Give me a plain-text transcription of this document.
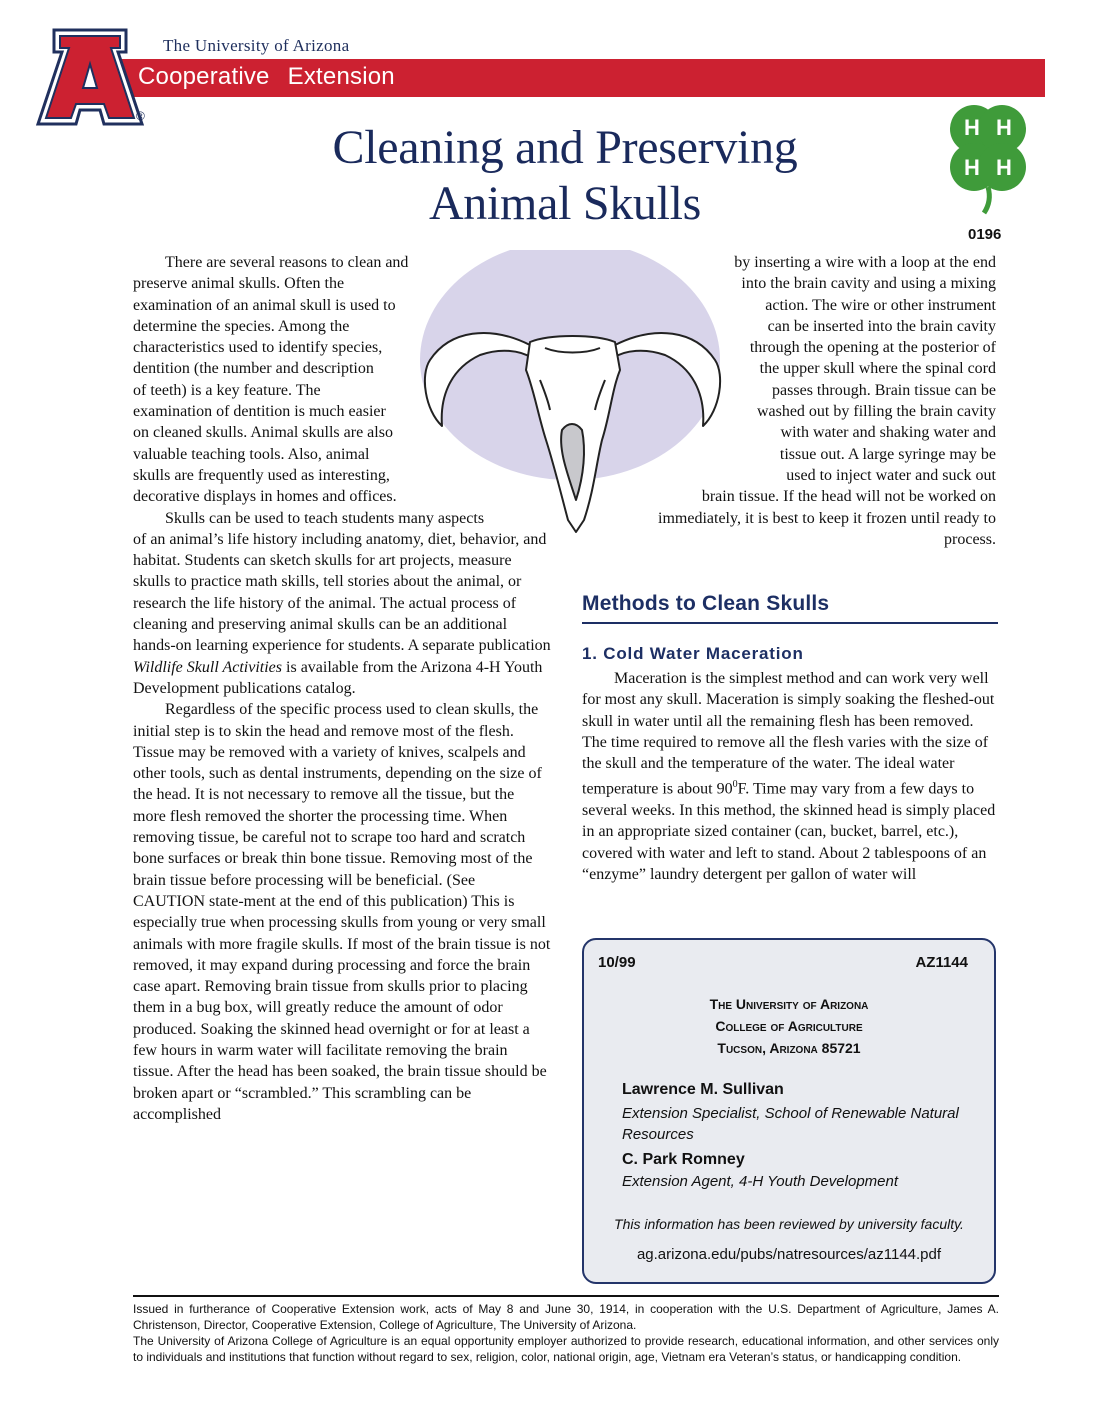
The University of Arizona
Cooperative Extension
®
Cleaning and Preserving
Animal Skulls
H H
H H
0196

There are several reasons to clean and preserve animal skulls. Often the examination of an animal skull is used to determine the species. Among the characteristics used to identify species, dentition (the number and description of teeth) is a key feature. The examination of dentition is much easier on cleaned skulls. Animal skulls are also valuable teaching tools. Also, animal skulls are frequently used as interesting, decorative displays in homes and offices.

Skulls can be used to teach students many aspects of an animal’s life history including anatomy, diet, behavior, and habitat. Students can sketch skulls for art projects, measure skulls to practice math skills, tell stories about the animal, or research the life history of the animal. The actual process of cleaning and preserving animal skulls can be an additional hands-on learning experience for students. A separate publication Wildlife Skull Activities is available from the Arizona 4-H Youth Development publications catalog.

Regardless of the specific process used to clean skulls, the initial step is to skin the head and remove most of the flesh. Tissue may be removed with a variety of knives, scalpels and other tools, such as dental instruments, depending on the size of the head. It is not necessary to remove all the tissue, but the more flesh removed the shorter the processing time. When removing tissue, be careful not to scrape too hard and scratch bone surfaces or break thin bone tissue. Removing most of the brain tissue before processing will be beneficial. (See CAUTION state-ment at the end of this publication) This is especially true when processing skulls from young or very small animals with more fragile skulls. If most of the brain tissue is not removed, it may expand during processing and force the brain case apart. Removing brain tissue from skulls prior to placing them in a bug box, will greatly reduce the amount of odor produced. Soaking the skinned head overnight or for at least a few hours in warm water will facilitate removing the brain tissue. After the head has been soaked, the brain tissue should be broken apart or “scrambled.” This scrambling can be accomplished

by inserting a wire with a loop at the end into the brain cavity and using a mixing action. The wire or other instrument can be inserted into the brain cavity through the opening at the posterior of the upper skull where the spinal cord passes through. Brain tissue can be washed out by filling the brain cavity with water and shaking water and tissue out. A large syringe may be used to inject water and suck out brain tissue. If the head will not be worked on immediately, it is best to keep it frozen until ready to process.

Methods to Clean Skulls
1. Cold Water Maceration

Maceration is the simplest method and can work very well for most any skull. Maceration is simply soaking the fleshed-out skull in water until all the remaining flesh has been removed. The time required to remove all the flesh varies with the size of the skull and the temperature of the water. The ideal water temperature is about $90^0F$. Time may vary from a few days to several weeks. In this method, the skinned head is simply placed in an appropriate sized container (can, bucket, barrel, etc.), covered with water and left to stand. About 2 tablespoons of an “enzyme” laundry detergent per gallon of water will

10/99	AZ1144
The University of Arizona
College of Agriculture
Tucson, Arizona 85721
Lawrence M. Sullivan
Extension Specialist, School of Renewable Natural Resources
C. Park Romney
Extension Agent, 4-H Youth Development
This information has been reviewed by university faculty.
ag.arizona.edu/pubs/natresources/az1144.pdf

Issued in furtherance of Cooperative Extension work, acts of May 8 and June 30, 1914, in cooperation with the U.S. Department of Agriculture, James A. Christenson, Director, Cooperative Extension, College of Agriculture, The University of Arizona.

The University of Arizona College of Agriculture is an equal opportunity employer authorized to provide research, educational information, and other services only to individuals and institutions that function without regard to sex, religion, color, national origin, age, Vietnam era Veteran’s status, or handicapping condition.
